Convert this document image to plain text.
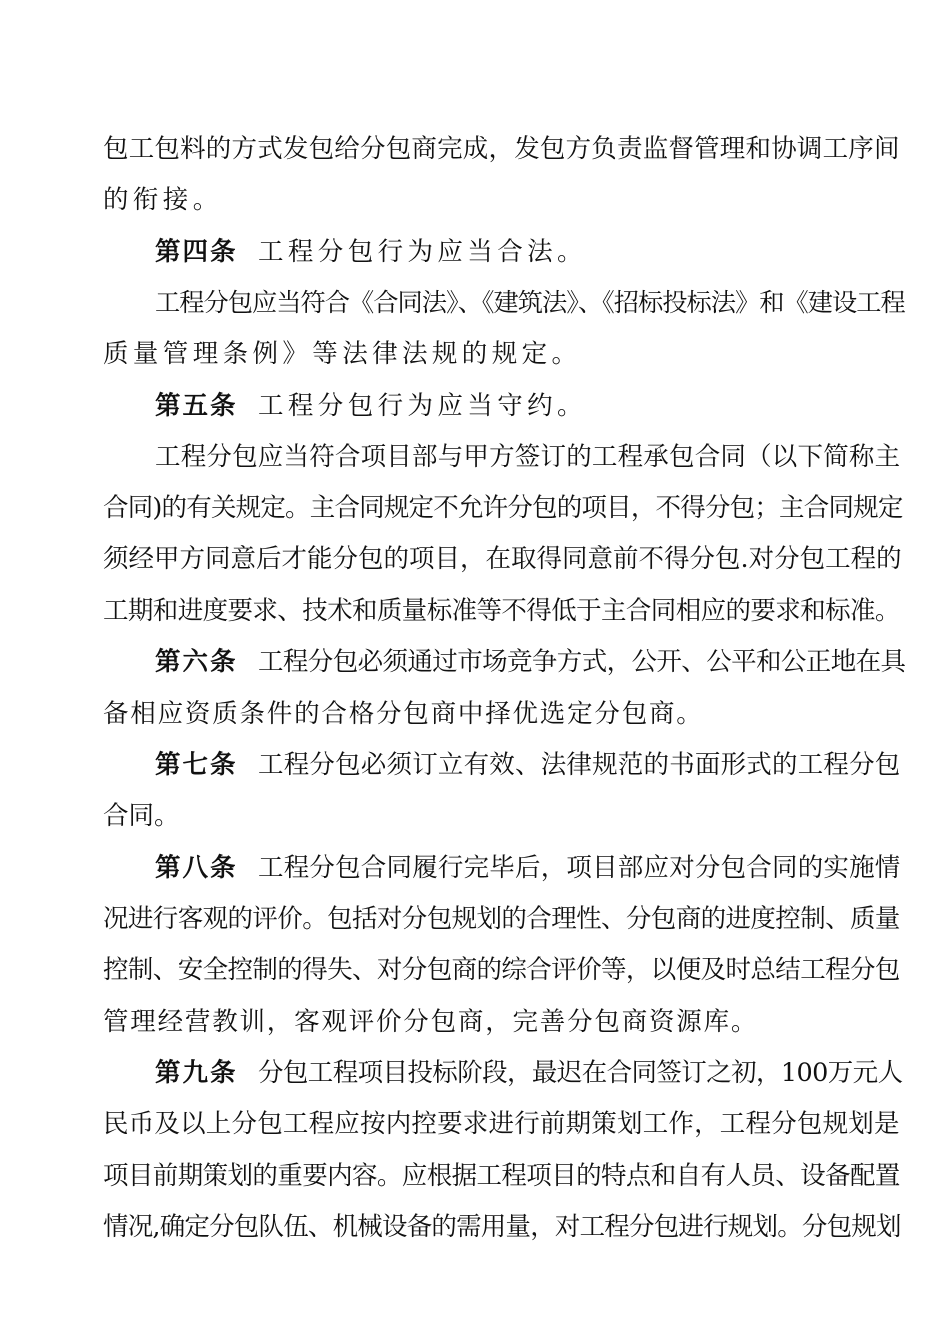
包工包料的方式发包给分包商完成，发包方负责监督管理和协调工序间
的衔接。
第四条 工程分包行为应当合法。
工程分包应当符合《合同法》、《建筑法》、《招标投标法》和《建设工程
质量管理条例》等法律法规的规定。
第五条 工程分包行为应当守约。
工程分包应当符合项目部与甲方签订的工程承包合同（以下简称主
合同)的有关规定。主合同规定不允许分包的项目，不得分包；主合同规定
须经甲方同意后才能分包的项目，在取得同意前不得分包.对分包工程的
工期和进度要求、技术和质量标准等不得低于主合同相应的要求和标准。
第六条 工程分包必须通过市场竞争方式，公开、公平和公正地在具
备相应资质条件的合格分包商中择优选定分包商。
第七条 工程分包必须订立有效、法律规范的书面形式的工程分包
合同。
第八条 工程分包合同履行完毕后，项目部应对分包合同的实施情
况进行客观的评价。包括对分包规划的合理性、分包商的进度控制、质量
控制、安全控制的得失、对分包商的综合评价等，以便及时总结工程分包
管理经营教训，客观评价分包商，完善分包商资源库。
第九条 分包工程项目投标阶段，最迟在合同签订之初，100万元人
民币及以上分包工程应按内控要求进行前期策划工作，工程分包规划是
项目前期策划的重要内容。应根据工程项目的特点和自有人员、设备配置
情况,确定分包队伍、机械设备的需用量，对工程分包进行规划。分包规划
